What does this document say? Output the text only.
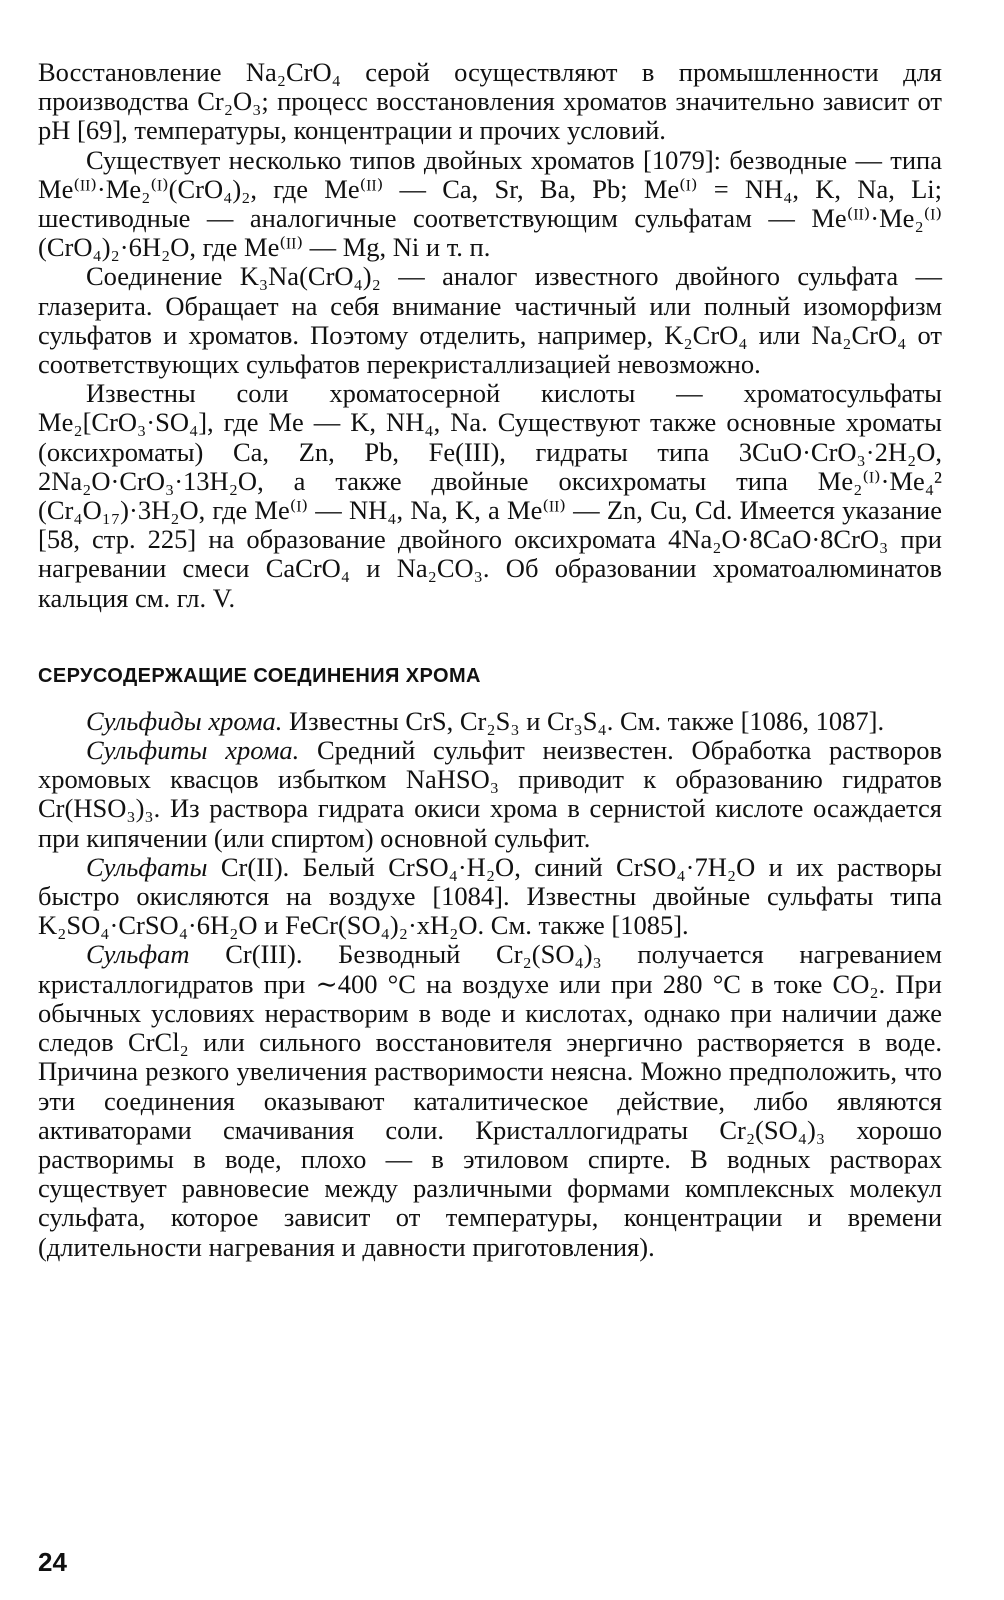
Восстановление Na₂CrO₄ серой осуществляют в промышленности для производства Cr₂O₃; процесс восстановления хроматов значительно зависит от pH [69], температуры, концентрации и прочих условий.

Существует несколько типов двойных хроматов [1079]: безводные — типа Me⁽ᴵᴵ⁾·Me₂⁽ᴵ⁾(CrO₄)₂, где Me⁽ᴵᴵ⁾ — Ca, Sr, Ba, Pb; Me⁽ᴵ⁾ = NH₄, K, Na, Li; шестиводные — аналогичные соответствующим сульфатам — Me⁽ᴵᴵ⁾·Me₂⁽ᴵ⁾(CrO₄)₂·6H₂O, где Me⁽ᴵᴵ⁾ — Mg, Ni и т. п.

Соединение K₃Na(CrO₄)₂ — аналог известного двойного сульфата — глазерита. Обращает на себя внимание частичный или полный изоморфизм сульфатов и хроматов. Поэтому отделить, например, K₂CrO₄ или Na₂CrO₄ от соответствующих сульфатов перекристаллизацией невозможно.

Известны соли хроматосерной кислоты — хроматосульфаты Me₂[CrO₃·SO₄], где Me — K, NH₄, Na. Существуют также основные хроматы (оксихроматы) Ca, Zn, Pb, Fe(III), гидраты типа 3CuO·CrO₃·2H₂O, 2Na₂O·CrO₃·13H₂O, а также двойные оксихроматы типа Me₂⁽ᴵ⁾·Me₄² (Cr₄O₁₇)·3H₂O, где Me⁽ᴵ⁾ — NH₄, Na, K, а Me⁽ᴵᴵ⁾ — Zn, Cu, Cd. Имеется указание [58, стр. 225] на образование двойного оксихромата 4Na₂O·8CaO·8CrO₃ при нагревании смеси CaCrO₄ и Na₂CO₃. Об образовании хроматоалюминатов кальция см. гл. V.

СЕРУСОДЕРЖАЩИЕ СОЕДИНЕНИЯ ХРОМА

Сульфиды хрома. Известны CrS, Cr₂S₃ и Cr₃S₄. См. также [1086, 1087].

Сульфиты хрома. Средний сульфит неизвестен. Обработка растворов хромовых квасцов избытком NaHSO₃ приводит к образованию гидратов Cr(HSO₃)₃. Из раствора гидрата окиси хрома в сернистой кислоте осаждается при кипячении (или спиртом) основной сульфит.

Сульфаты Cr(II). Белый CrSO₄·H₂O, синий CrSO₄·7H₂O и их растворы быстро окисляются на воздухе [1084]. Известны двойные сульфаты типа K₂SO₄·CrSO₄·6H₂O и FeCr(SO₄)₂·xH₂O. См. также [1085].

Сульфат Cr(III). Безводный Cr₂(SO₄)₃ получается нагреванием кристаллогидратов при ∼400 °C на воздухе или при 280 °C в токе CO₂. При обычных условиях нерастворим в воде и кислотах, однако при наличии даже следов CrCl₂ или сильного восстановителя энергично растворяется в воде. Причина резкого увеличения растворимости неясна. Можно предположить, что эти соединения оказывают каталитическое действие, либо являются активаторами смачивания соли. Кристаллогидраты Cr₂(SO₄)₃ хорошо растворимы в воде, плохо — в этиловом спирте. В водных растворах существует равновесие между различными формами комплексных молекул сульфата, которое зависит от температуры, концентрации и времени (длительности нагревания и давности приготовления).

24
